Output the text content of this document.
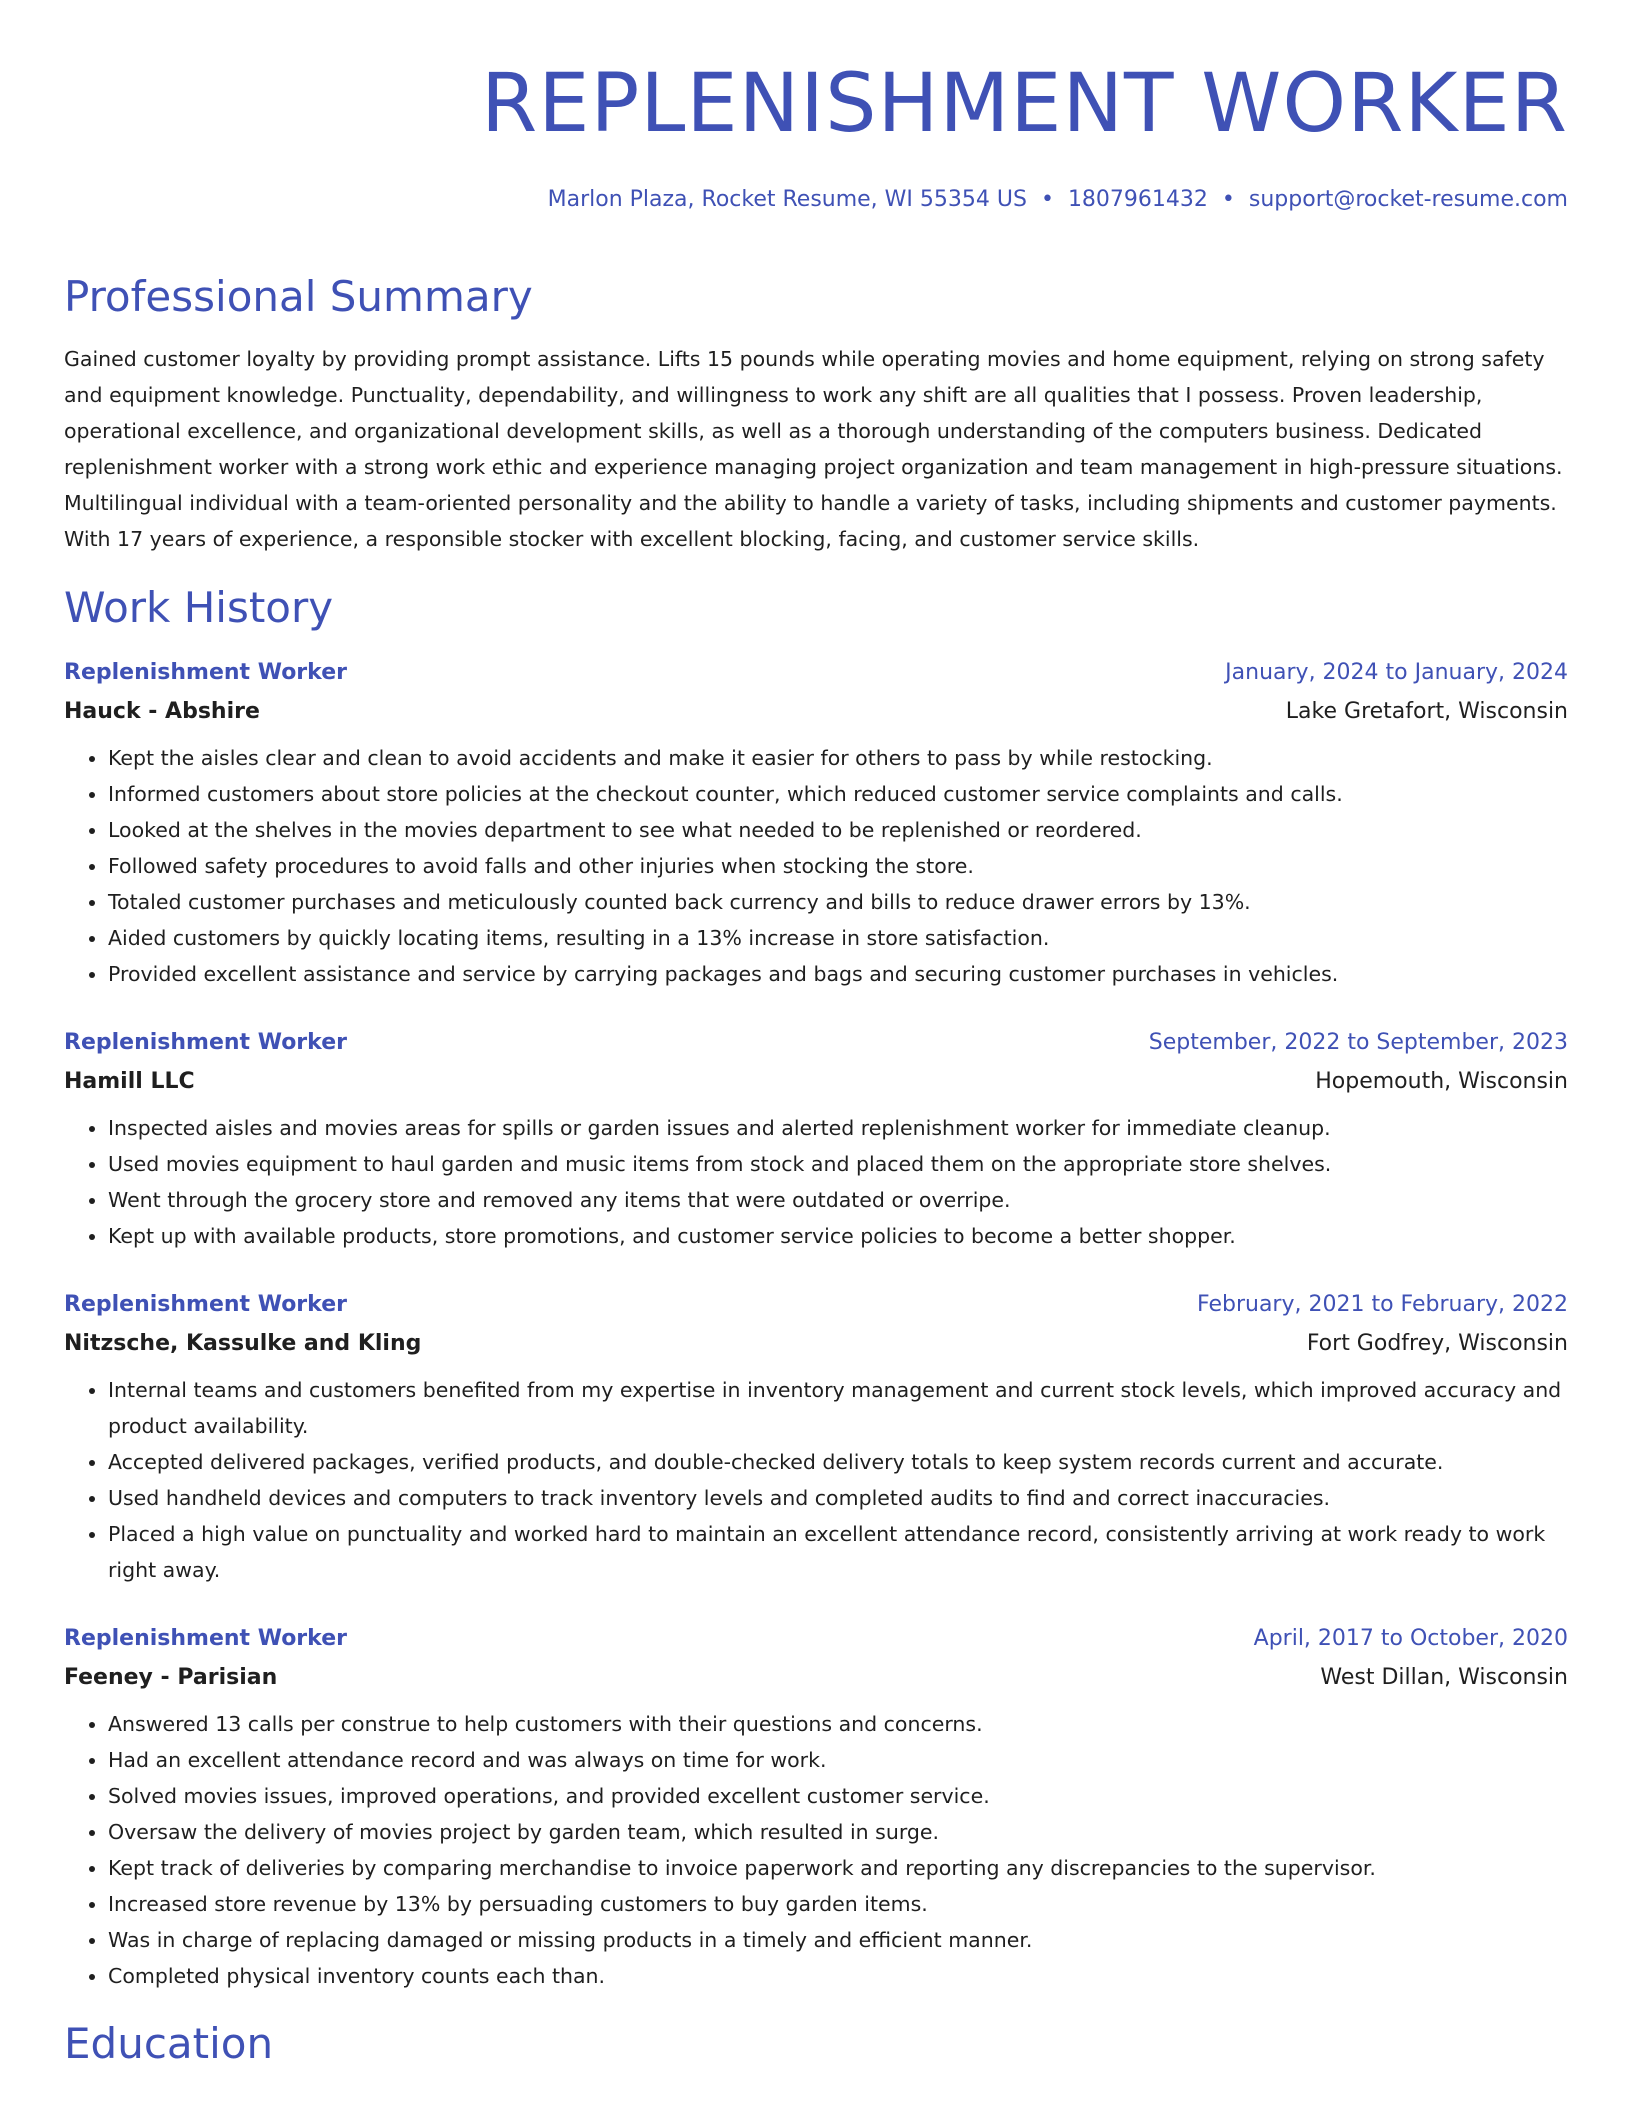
REPLENISHMENT WORKER
Marlon Plaza, Rocket Resume, WI 55354 US • 1807961432 • support@rocket-resume.com
Professional Summary

Gained customer loyalty by providing prompt assistance. Lifts 15 pounds while operating movies and home equipment, relying on strong safety and equipment knowledge. Punctuality, dependability, and willingness to work any shift are all qualities that I possess. Proven leadership, operational excellence, and organizational development skills, as well as a thorough understanding of the computers business. Dedicated replenishment worker with a strong work ethic and experience managing project organization and team management in high-pressure situations. Multilingual individual with a team-oriented personality and the ability to handle a variety of tasks, including shipments and customer payments. With 17 years of experience, a responsible stocker with excellent blocking, facing, and customer service skills.

Work History
Replenishment Worker	January, 2024 to January, 2024
Hauck - Abshire	Lake Gretafort, Wisconsin
• Kept the aisles clear and clean to avoid accidents and make it easier for others to pass by while restocking.
• Informed customers about store policies at the checkout counter, which reduced customer service complaints and calls.
• Looked at the shelves in the movies department to see what needed to be replenished or reordered.
• Followed safety procedures to avoid falls and other injuries when stocking the store.
• Totaled customer purchases and meticulously counted back currency and bills to reduce drawer errors by 13%.
• Aided customers by quickly locating items, resulting in a 13% increase in store satisfaction.
• Provided excellent assistance and service by carrying packages and bags and securing customer purchases in vehicles.
Replenishment Worker	September, 2022 to September, 2023
Hamill LLC	Hopemouth, Wisconsin
• Inspected aisles and movies areas for spills or garden issues and alerted replenishment worker for immediate cleanup.
• Used movies equipment to haul garden and music items from stock and placed them on the appropriate store shelves.
• Went through the grocery store and removed any items that were outdated or overripe.
• Kept up with available products, store promotions, and customer service policies to become a better shopper.
Replenishment Worker	February, 2021 to February, 2022
Nitzsche, Kassulke and Kling	Fort Godfrey, Wisconsin
• Internal teams and customers benefited from my expertise in inventory management and current stock levels, which improved accuracy and product availability.
• Accepted delivered packages, verified products, and double-checked delivery totals to keep system records current and accurate.
• Used handheld devices and computers to track inventory levels and completed audits to find and correct inaccuracies.
• Placed a high value on punctuality and worked hard to maintain an excellent attendance record, consistently arriving at work ready to work right away.
Replenishment Worker	April, 2017 to October, 2020
Feeney - Parisian	West Dillan, Wisconsin
• Answered 13 calls per construe to help customers with their questions and concerns.
• Had an excellent attendance record and was always on time for work.
• Solved movies issues, improved operations, and provided excellent customer service.
• Oversaw the delivery of movies project by garden team, which resulted in surge.
• Kept track of deliveries by comparing merchandise to invoice paperwork and reporting any discrepancies to the supervisor.
• Increased store revenue by 13% by persuading customers to buy garden items.
• Was in charge of replacing damaged or missing products in a timely and efficient manner.
• Completed physical inventory counts each than.
Education
